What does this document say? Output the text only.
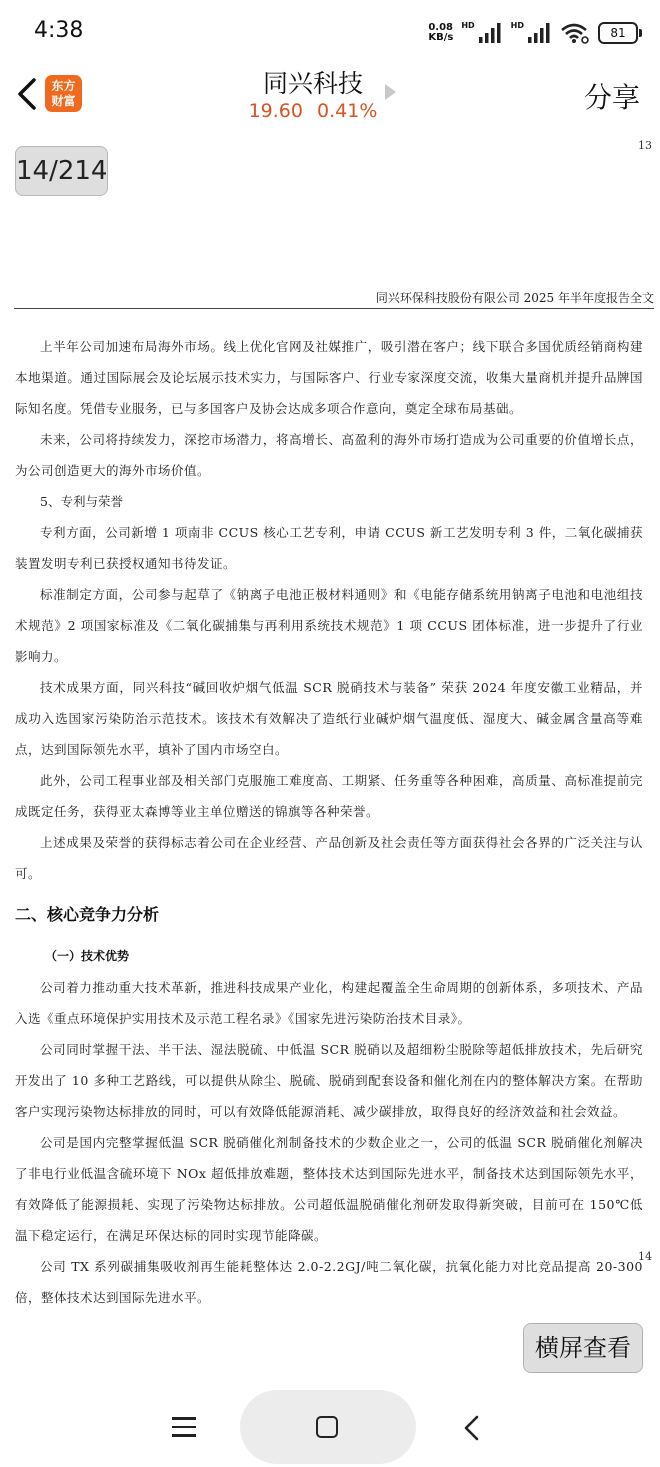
4:38	0.08
KB/s
HD	HD
81
东方
财富
同兴科技
19.60 0.41%	分享
14/214
13
同兴环保科技股份有限公司 2025 年半年度报告全文

上半年公司加速布局海外市场。线上优化官网及社媒推广，吸引潜在客户；线下联合多国优质经销商构建本地渠道。通过国际展会及论坛展示技术实力，与国际客户、行业专家深度交流，收集大量商机并提升品牌国际知名度。凭借专业服务，已与多国客户及协会达成多项合作意向，奠定全球布局基础。

未来，公司将持续发力，深挖市场潜力，将高增长、高盈利的海外市场打造成为公司重要的价值增长点，为公司创造更大的海外市场价值。

5、专利与荣誉

专利方面，公司新增 1 项南非 CCUS 核心工艺专利，申请 CCUS 新工艺发明专利 3 件，二氧化碳捕获装置发明专利已获授权通知书待发证。

标准制定方面，公司参与起草了《钠离子电池正极材料通则》和《电能存储系统用钠离子电池和电池组技术规范》2 项国家标准及《二氧化碳捕集与再利用系统技术规范》1 项 CCUS 团体标准，进一步提升了行业影响力。

技术成果方面，同兴科技“碱回收炉烟气低温 SCR 脱硝技术与装备” 荣获 2024 年度安徽工业精品，并成功入选国家污染防治示范技术。该技术有效解决了造纸行业碱炉烟气温度低、湿度大、碱金属含量高等难点，达到国际领先水平，填补了国内市场空白。

此外，公司工程事业部及相关部门克服施工难度高、工期紧、任务重等各种困难，高质量、高标准提前完成既定任务，获得亚太森博等业主单位赠送的锦旗等各种荣誉。

上述成果及荣誉的获得标志着公司在企业经营、产品创新及社会责任等方面获得社会各界的广泛关注与认可。

二、核心竞争力分析
（一）技术优势

公司着力推动重大技术革新，推进科技成果产业化，构建起覆盖全生命周期的创新体系，多项技术、产品入选《重点环境保护实用技术及示范工程名录》《国家先进污染防治技术目录》。

公司同时掌握干法、半干法、湿法脱硫、中低温 SCR 脱硝以及超细粉尘脱除等超低排放技术，先后研究开发出了 10 多种工艺路线，可以提供从除尘、脱硫、脱硝到配套设备和催化剂在内的整体解决方案。在帮助客户实现污染物达标排放的同时，可以有效降低能源消耗、减少碳排放，取得良好的经济效益和社会效益。

公司是国内完整掌握低温 SCR 脱硝催化剂制备技术的少数企业之一，公司的低温 SCR 脱硝催化剂解决了非电行业低温含硫环境下 NOx 超低排放难题，整体技术达到国际先进水平，制备技术达到国际领先水平，有效降低了能源损耗、实现了污染物达标排放。公司超低温脱硝催化剂研发取得新突破，目前可在 150℃低温下稳定运行，在满足环保达标的同时实现节能降碳。

公司 TX 系列碳捕集吸收剂再生能耗整体达 2.0-2.2GJ/吨二氧化碳，抗氧化能力对比竞品提高 20-300 倍，整体技术达到国际先进水平。

14
横屏查看
